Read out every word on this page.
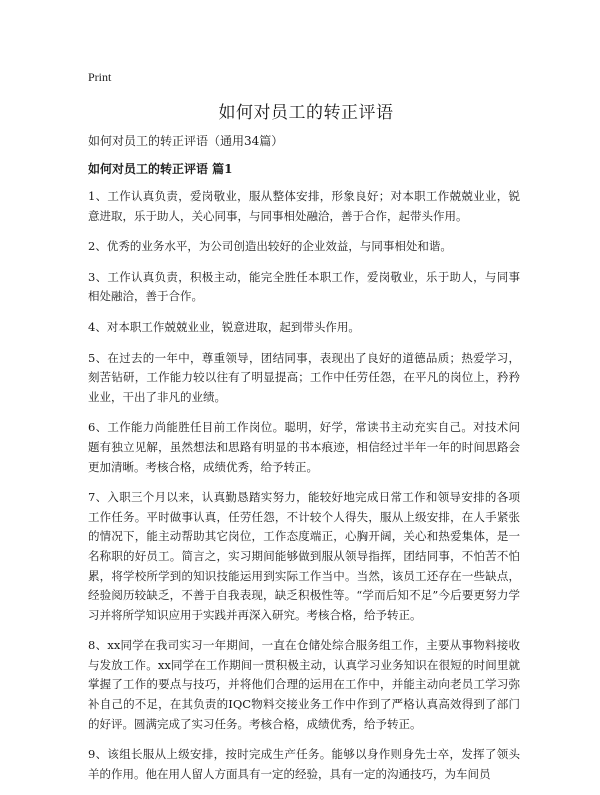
Print
如何对员工的转正评语
如何对员工的转正评语（通用34篇）
如何对员工的转正评语 篇1

1、工作认真负责，爱岗敬业，服从整体安排，形象良好；对本职工作兢兢业业，锐意进取，乐于助人，关心同事，与同事相处融洽，善于合作，起带头作用。

2、优秀的业务水平，为公司创造出较好的企业效益，与同事相处和谐。

3、工作认真负责，积极主动，能完全胜任本职工作，爱岗敬业，乐于助人，与同事相处融洽，善于合作。

4、对本职工作兢兢业业，锐意进取，起到带头作用。

5、在过去的一年中，尊重领导，团结同事，表现出了良好的道德品质；热爱学习，刻苦钻研，工作能力较以往有了明显提高；工作中任劳任怨，在平凡的岗位上，矜矜业业，干出了非凡的业绩。

6、工作能力尚能胜任目前工作岗位。聪明，好学，常读书主动充实自己。对技术问题有独立见解，虽然想法和思路有明显的书本痕迹，相信经过半年一年的时间思路会更加清晰。考核合格，成绩优秀，给予转正。

7、入职三个月以来，认真勤恳踏实努力，能较好地完成日常工作和领导安排的各项工作任务。平时做事认真，任劳任怨，不计较个人得失，服从上级安排，在人手紧张的情况下，能主动帮助其它岗位，工作态度端正，心胸开阔，关心和热爱集体，是一名称职的好员工。简言之，实习期间能够做到服从领导指挥，团结同事，不怕苦不怕累，将学校所学到的知识技能运用到实际工作当中。当然，该员工还存在一些缺点，经验阅历较缺乏，不善于自我表现，缺乏积极性等。“学而后知不足”今后要更努力学习并将所学知识应用于实践并再深入研究。考核合格，给予转正。

8、xx同学在我司实习一年期间，一直在仓储处综合服务组工作，主要从事物料接收与发放工作。xx同学在工作期间一贯积极主动，认真学习业务知识在很短的时间里就掌握了工作的要点与技巧，并将他们合理的运用在工作中，并能主动向老员工学习弥补自己的不足，在其负责的IQC物料交接业务工作中作到了严格认真高效得到了部门的好评。圆满完成了实习任务。考核合格，成绩优秀，给予转正。

9、该组长服从上级安排，按时完成生产任务。能够以身作则身先士卒，发挥了领头羊的作用。他在用人留人方面具有一定的经验，具有一定的沟通技巧，为车间员
